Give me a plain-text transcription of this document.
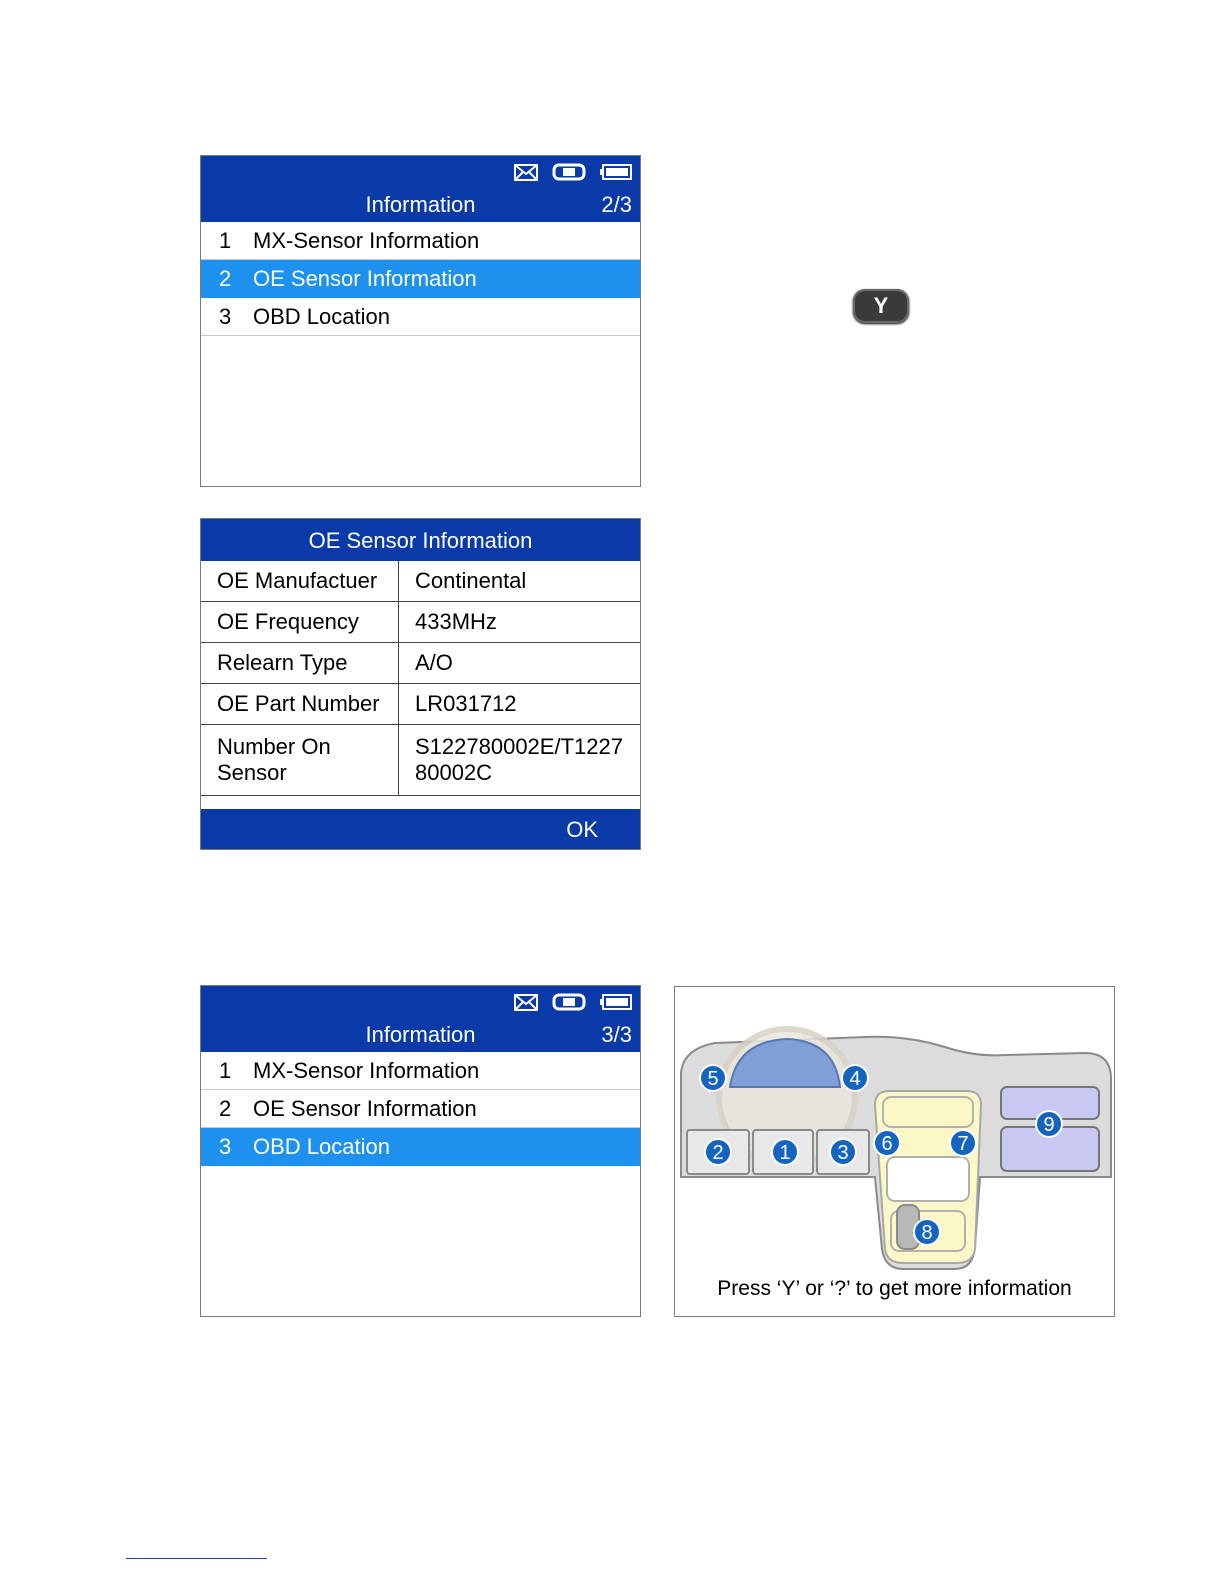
Information	2/3
1 MX-Sensor Information
2 OE Sensor Information
3 OBD Location	Y
OE Sensor Information
OE Manufactuer	Continental
OE Frequency	433MHz
Relearn Type	A/O
OE Part Number	LR031712
Number On Sensor	S122780002E/T1227 80002C
OK
Information	3/3
1 MX-Sensor Information
2 OE Sensor Information
3 OBD Location	1
2	3
4
5
6	7
8
9
Press ‘Y’ or ‘?’ to get more information
